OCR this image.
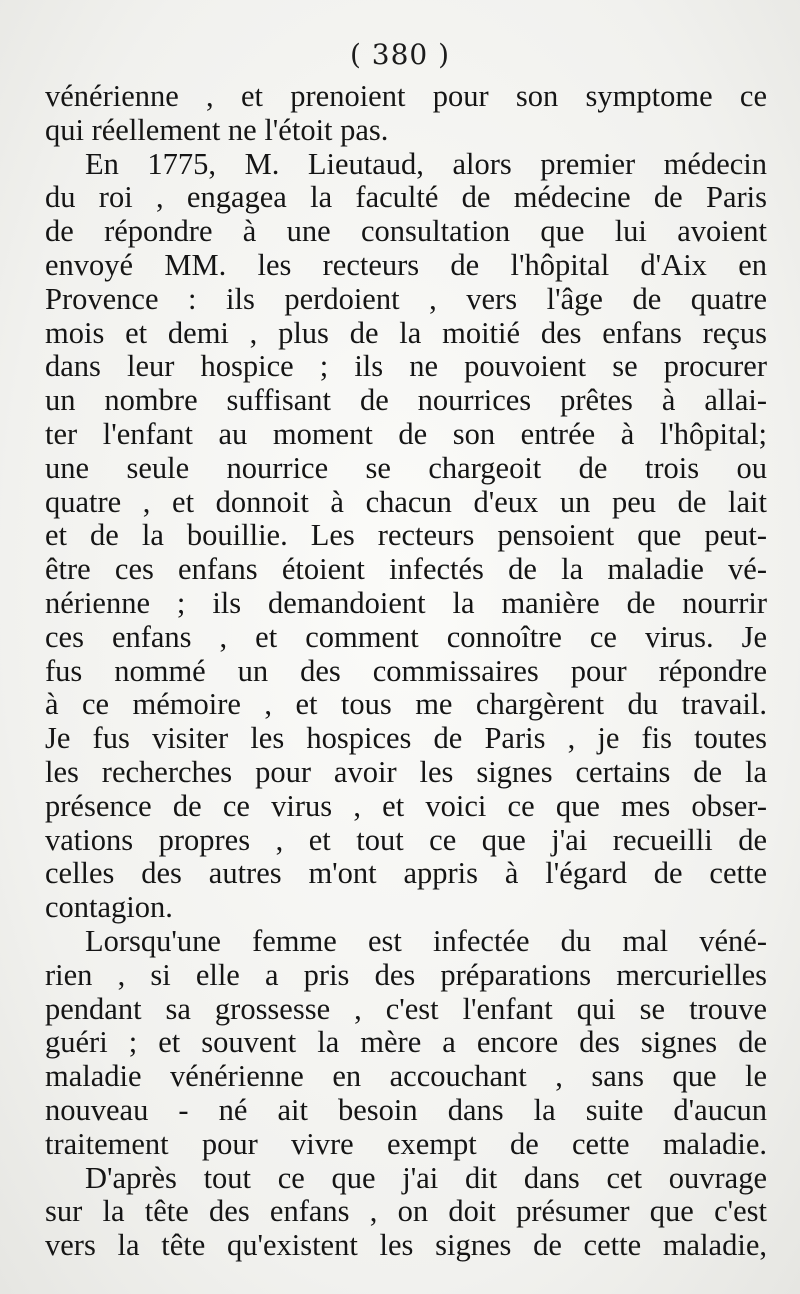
( 380 )
vénérienne , et prenoient pour son symptome ce
qui réellement ne l'étoit pas.
En 1775, M. Lieutaud, alors premier médecin
du roi , engagea la faculté de médecine de Paris
de répondre à une consultation que lui avoient
envoyé MM. les recteurs de l'hôpital d'Aix en
Provence : ils perdoient , vers l'âge de quatre
mois et demi , plus de la moitié des enfans reçus
dans leur hospice ; ils ne pouvoient se procurer
un nombre suffisant de nourrices prêtes à allai-
ter l'enfant au moment de son entrée à l'hôpital;
une seule nourrice se chargeoit de trois ou
quatre , et donnoit à chacun d'eux un peu de lait
et de la bouillie. Les recteurs pensoient que peut-
être ces enfans étoient infectés de la maladie vé-
nérienne ; ils demandoient la manière de nourrir
ces enfans , et comment connoître ce virus. Je
fus nommé un des commissaires pour répondre
à ce mémoire , et tous me chargèrent du travail.
Je fus visiter les hospices de Paris , je fis toutes
les recherches pour avoir les signes certains de la
présence de ce virus , et voici ce que mes obser-
vations propres , et tout ce que j'ai recueilli de
celles des autres m'ont appris à l'égard de cette
contagion.
Lorsqu'une femme est infectée du mal véné-
rien , si elle a pris des préparations mercurielles
pendant sa grossesse , c'est l'enfant qui se trouve
guéri ; et souvent la mère a encore des signes de
maladie vénérienne en accouchant , sans que le
nouveau - né ait besoin dans la suite d'aucun
traitement pour vivre exempt de cette maladie.
D'après tout ce que j'ai dit dans cet ouvrage
sur la tête des enfans , on doit présumer que c'est
vers la tête qu'existent les signes de cette maladie,
